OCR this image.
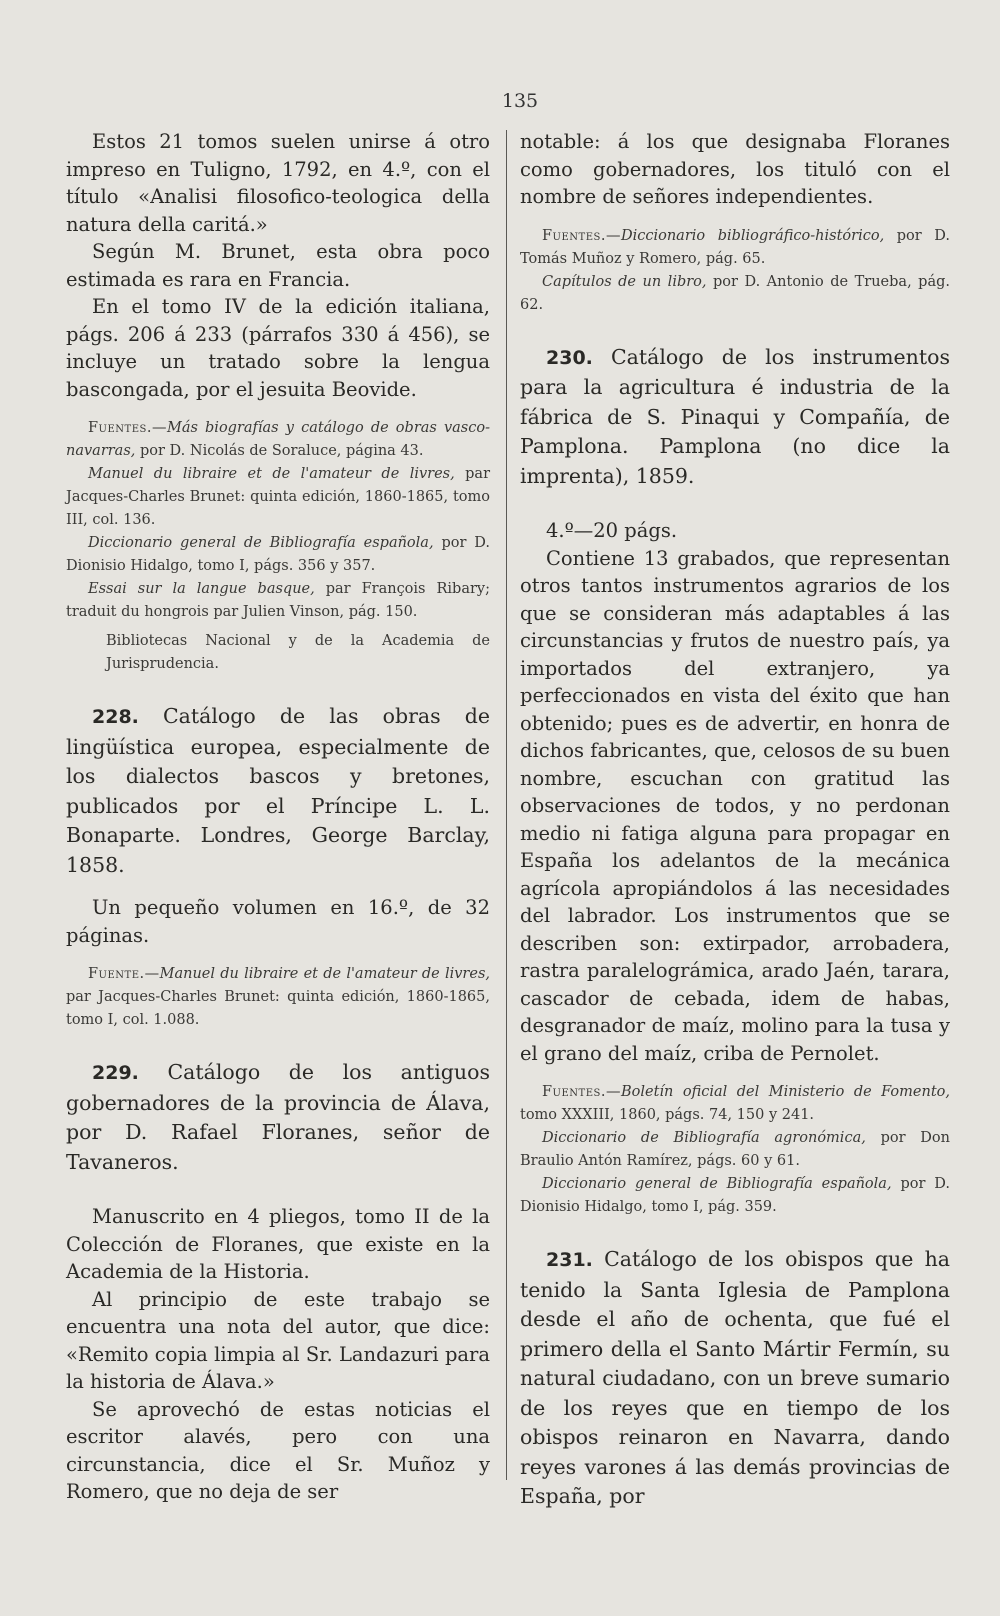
135

Estos 21 tomos suelen unirse á otro impreso en Tuligno, 1792, en 4.º, con el título «Analisi filosofico-teologica della natura della caritá.»

Según M. Brunet, esta obra poco estimada es rara en Francia.

En el tomo IV de la edición italiana, págs. 206 á 233 (párrafos 330 á 456), se incluye un tratado sobre la lengua bascongada, por el jesuita Beovide.

Fuentes.—Más biografías y catálogo de obras vasco-navarras, por D. Nicolás de Soraluce, página 43.

Manuel du libraire et de l'amateur de livres, par Jacques-Charles Brunet: quinta edición, 1860-1865, tomo III, col. 136.

Diccionario general de Bibliografía española, por D. Dionisio Hidalgo, tomo I, págs. 356 y 357.

Essai sur la langue basque, par François Ribary; traduit du hongrois par Julien Vinson, pág. 150.

Bibliotecas Nacional y de la Academia de Jurisprudencia.

228. Catálogo de las obras de lingüística europea, especialmente de los dialectos bascos y bretones, publicados por el Príncipe L. L. Bonaparte. Londres, George Barclay, 1858.

Un pequeño volumen en 16.º, de 32 páginas.

Fuente.—Manuel du libraire et de l'amateur de livres, par Jacques-Charles Brunet: quinta edición, 1860-1865, tomo I, col. 1.088.

229. Catálogo de los antiguos gobernadores de la provincia de Álava, por D. Rafael Floranes, señor de Tavaneros.

Manuscrito en 4 pliegos, tomo II de la Colección de Floranes, que existe en la Academia de la Historia.

Al principio de este trabajo se encuentra una nota del autor, que dice: «Remito copia limpia al Sr. Landazuri para la historia de Álava.»

Se aprovechó de estas noticias el escritor alavés, pero con una circunstancia, dice el Sr. Muñoz y Romero, que no deja de ser

notable: á los que designaba Floranes como gobernadores, los tituló con el nombre de señores independientes.

Fuentes.—Diccionario bibliográfico-histórico, por D. Tomás Muñoz y Romero, pág. 65.

Capítulos de un libro, por D. Antonio de Trueba, pág. 62.

230. Catálogo de los instrumentos para la agricultura é industria de la fábrica de S. Pinaqui y Compañía, de Pamplona. Pamplona (no dice la imprenta), 1859.

4.º—20 págs.

Contiene 13 grabados, que representan otros tantos instrumentos agrarios de los que se consideran más adaptables á las circunstancias y frutos de nuestro país, ya importados del extranjero, ya perfeccionados en vista del éxito que han obtenido; pues es de advertir, en honra de dichos fabricantes, que, celosos de su buen nombre, escuchan con gratitud las observaciones de todos, y no perdonan medio ni fatiga alguna para propagar en España los adelantos de la mecánica agrícola apropiándolos á las necesidades del labrador. Los instrumentos que se describen son: extirpador, arrobadera, rastra paralelográmica, arado Jaén, tarara, cascador de cebada, idem de habas, desgranador de maíz, molino para la tusa y el grano del maíz, criba de Pernolet.

Fuentes.—Boletín oficial del Ministerio de Fomento, tomo XXXIII, 1860, págs. 74, 150 y 241.

Diccionario de Bibliografía agronómica, por Don Braulio Antón Ramírez, págs. 60 y 61.

Diccionario general de Bibliografía española, por D. Dionisio Hidalgo, tomo I, pág. 359.

231. Catálogo de los obispos que ha tenido la Santa Iglesia de Pamplona desde el año de ochenta, que fué el primero della el Santo Mártir Fermín, su natural ciudadano, con un breve sumario de los reyes que en tiempo de los obispos reinaron en Navarra, dando reyes varones á las demás provincias de España, por
